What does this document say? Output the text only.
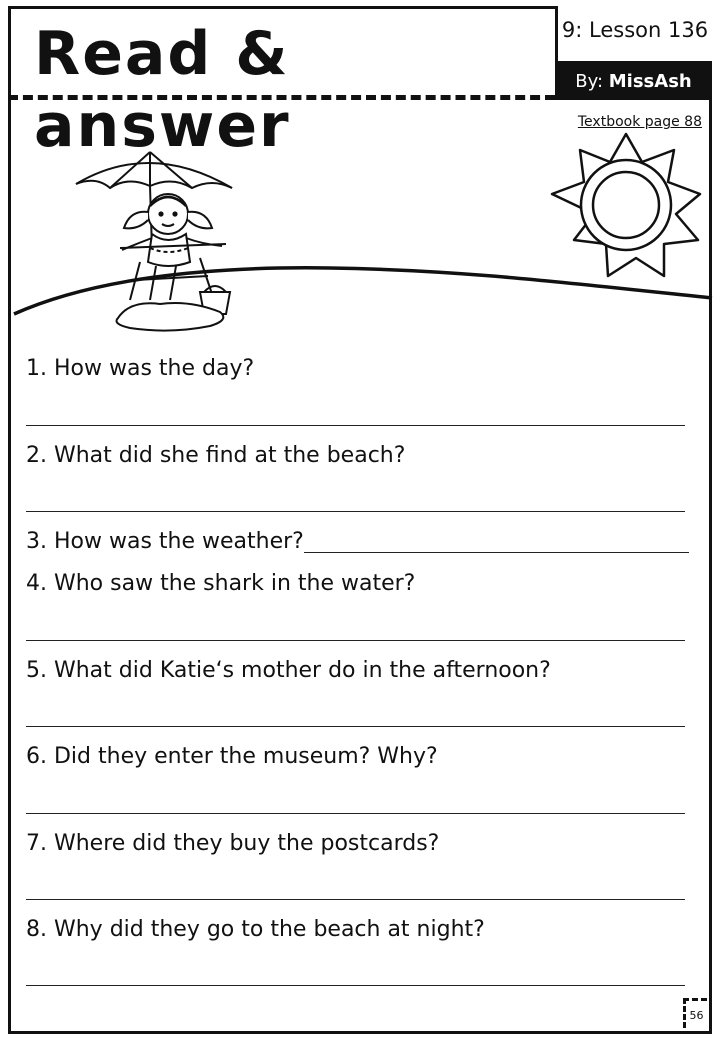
Read & answer
9: Lesson 136
By: MissAsh
Textbook page 88
1. How was the day?
2. What did she find at the beach?
3. How was the weather?
4. Who saw the shark in the water?
5. What did Katie‘s mother do in the afternoon?
6. Did they enter the museum? Why?
7. Where did they buy the postcards?
8. Why did they go to the beach at night?
56
